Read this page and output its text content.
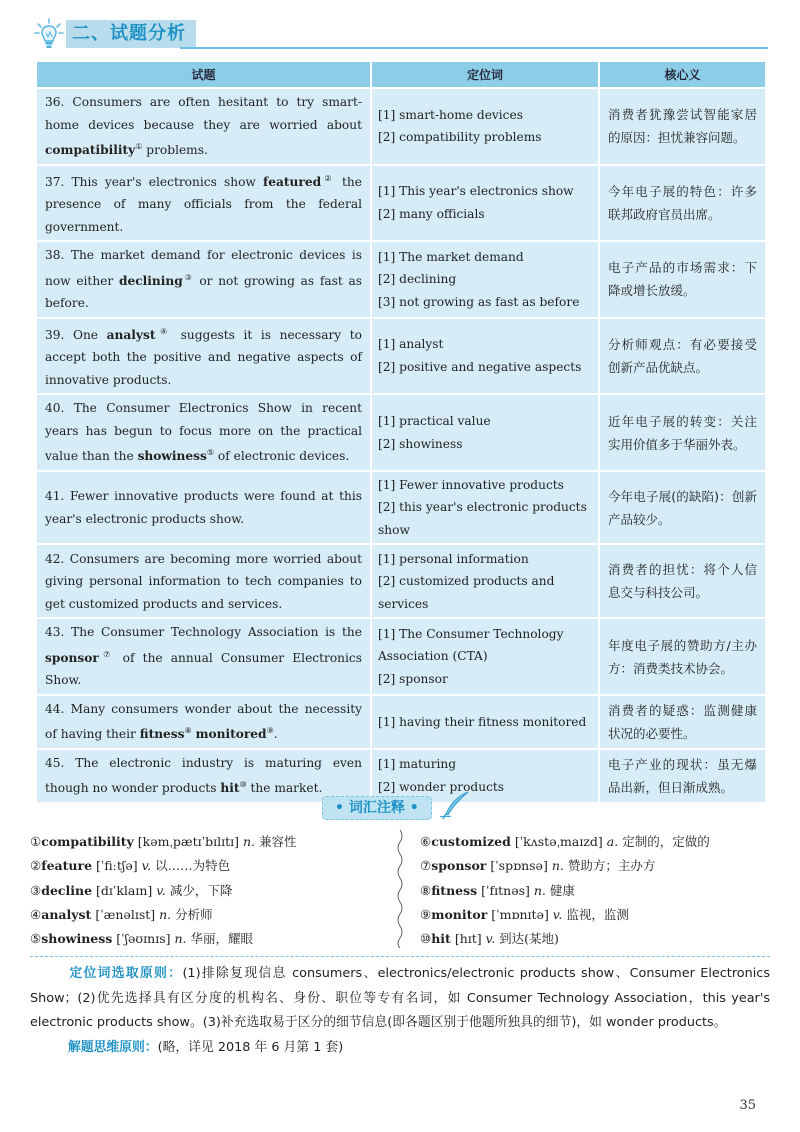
二、试题分析
试题	定位词	核心义
36. Consumers are often hesitant to try smart-home devices because they are worried about compatibility① problems.	[1] smart-home devices
[2] compatibility problems	消费者犹豫尝试智能家居的原因：担忧兼容问题。
37. This year's electronics show featured② the presence of many officials from the federal government.	[1] This year's electronics show
[2] many officials	今年电子展的特色：许多联邦政府官员出席。
38. The market demand for electronic devices is now either declining③ or not growing as fast as before.	[1] The market demand
[2] declining
[3] not growing as fast as before	电子产品的市场需求：下降或增长放缓。
39. One analyst④ suggests it is necessary to accept both the positive and negative aspects of innovative products.	[1] analyst
[2] positive and negative aspects	分析师观点：有必要接受创新产品优缺点。
40. The Consumer Electronics Show in recent years has begun to focus more on the practical value than the showiness⑤ of electronic devices.	[1] practical value
[2] showiness	近年电子展的转变：关注实用价值多于华丽外表。
41. Fewer innovative products were found at this year's electronic products show.	[1] Fewer innovative products
[2] this year's electronic products show	今年电子展(的缺陷)：创新产品较少。
42. Consumers are becoming more worried about giving personal information to tech companies to get customized products and services.	[1] personal information
[2] customized products and services	消费者的担忧：将个人信息交与科技公司。
43. The Consumer Technology Association is the sponsor⑦ of the annual Consumer Electronics Show.	[1] The Consumer Technology Association (CTA)
[2] sponsor	年度电子展的赞助方/主办方：消费类技术协会。
44. Many consumers wonder about the necessity of having their fitness⑧ monitored⑨.	[1] having their fitness monitored	消费者的疑惑：监测健康状况的必要性。
45. The electronic industry is maturing even though no wonder products hit⑩ the market.	[1] maturing
[2] wonder products	电子产业的现状：虽无爆品出新，但日渐成熟。
• 词汇注释 •
①compatibility [kəmˌpætɪˈbɪlɪtɪ] n. 兼容性
②feature [ˈfiːtʃə] v. 以……为特色
③decline [dɪˈklaɪn] v. 减少，下降
④analyst [ˈænəlɪst] n. 分析师
⑤showiness [ˈʃəʊɪnɪs] n. 华丽，耀眼
⑥customized [ˈkʌstəˌmaɪzd] a. 定制的，定做的
⑦sponsor [ˈspɒnsə] n. 赞助方；主办方
⑧fitness [ˈfɪtnəs] n. 健康
⑨monitor [ˈmɒnɪtə] v. 监视，监测
⑩hit [hɪt] v. 到达(某地)

定位词选取原则：(1)排除复现信息 consumers、electronics/electronic products show、Consumer Electronics Show；(2)优先选择具有区分度的机构名、身份、职位等专有名词，如 Consumer Technology Association，this year's electronic products show。(3)补充选取易于区分的细节信息(即各题区别于他题所独具的细节)，如 wonder products。

解题思维原则：(略，详见 2018 年 6 月第 1 套)

35
